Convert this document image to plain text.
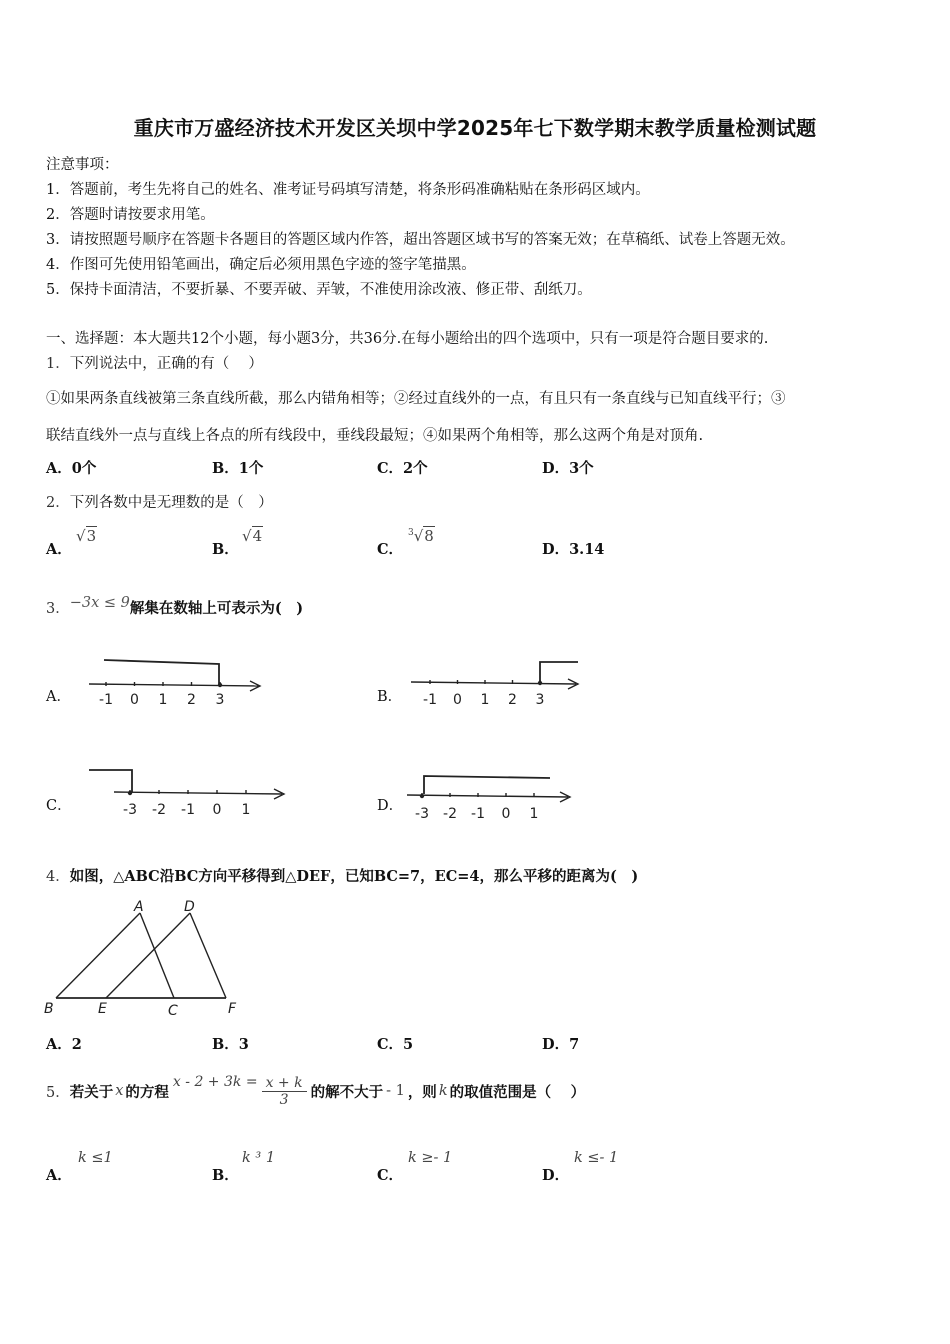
重庆市万盛经济技术开发区关坝中学2025年七下数学期末教学质量检测试题
注意事项：
1．答题前，考生先将自己的姓名、准考证号码填写清楚，将条形码准确粘贴在条形码区域内。
2．答题时请按要求用笔。
3．请按照题号顺序在答题卡各题目的答题区域内作答，超出答题区域书写的答案无效；在草稿纸、试卷上答题无效。
4．作图可先使用铅笔画出，确定后必须用黑色字迹的签字笔描黑。
5．保持卡面清洁，不要折暴、不要弄破、弄皱，不准使用涂改液、修正带、刮纸刀。
一、选择题：本大题共12个小题，每小题3分，共36分.在每小题给出的四个选项中，只有一项是符合题目要求的.
1．下列说法中，正确的有（　 ）
①如果两条直线被第三条直线所截，那么内错角相等；②经过直线外的一点，有且只有一条直线与已知直线平行；③
联结直线外一点与直线上各点的所有线段中，垂线段最短；④如果两个角相等，那么这两个角是对顶角.
A．0个	B．1个	C．2个	D．3个
2．下列各数中是无理数的是（　）
A．
√3
B．
√4
C．
$^3$√8
D．3.14
3．−3x ≤ 9解集在数轴上可表示为(　)
A． -1 0 1 2 3	B． -1 0 1 2 3
C．	-3 -2 -1 0 1	D． -3 -2 -1 0 1
4．如图，△ABC沿BC方向平移得到△DEF，已知BC=7，EC=4，那么平移的距离为(　)
A	D
B	E	C	F
A．2	B．3	C．5	D．7
5． 若关于 x 的方程
$x - 2 + 3k = \frac{x + k}{3}$ 的解不大于 - 1 ，则 k 的取值范围是（　 ）
A．
k ≤1
B．
k ³ 1
C．
k ≥- 1
D．
k ≤- 1
